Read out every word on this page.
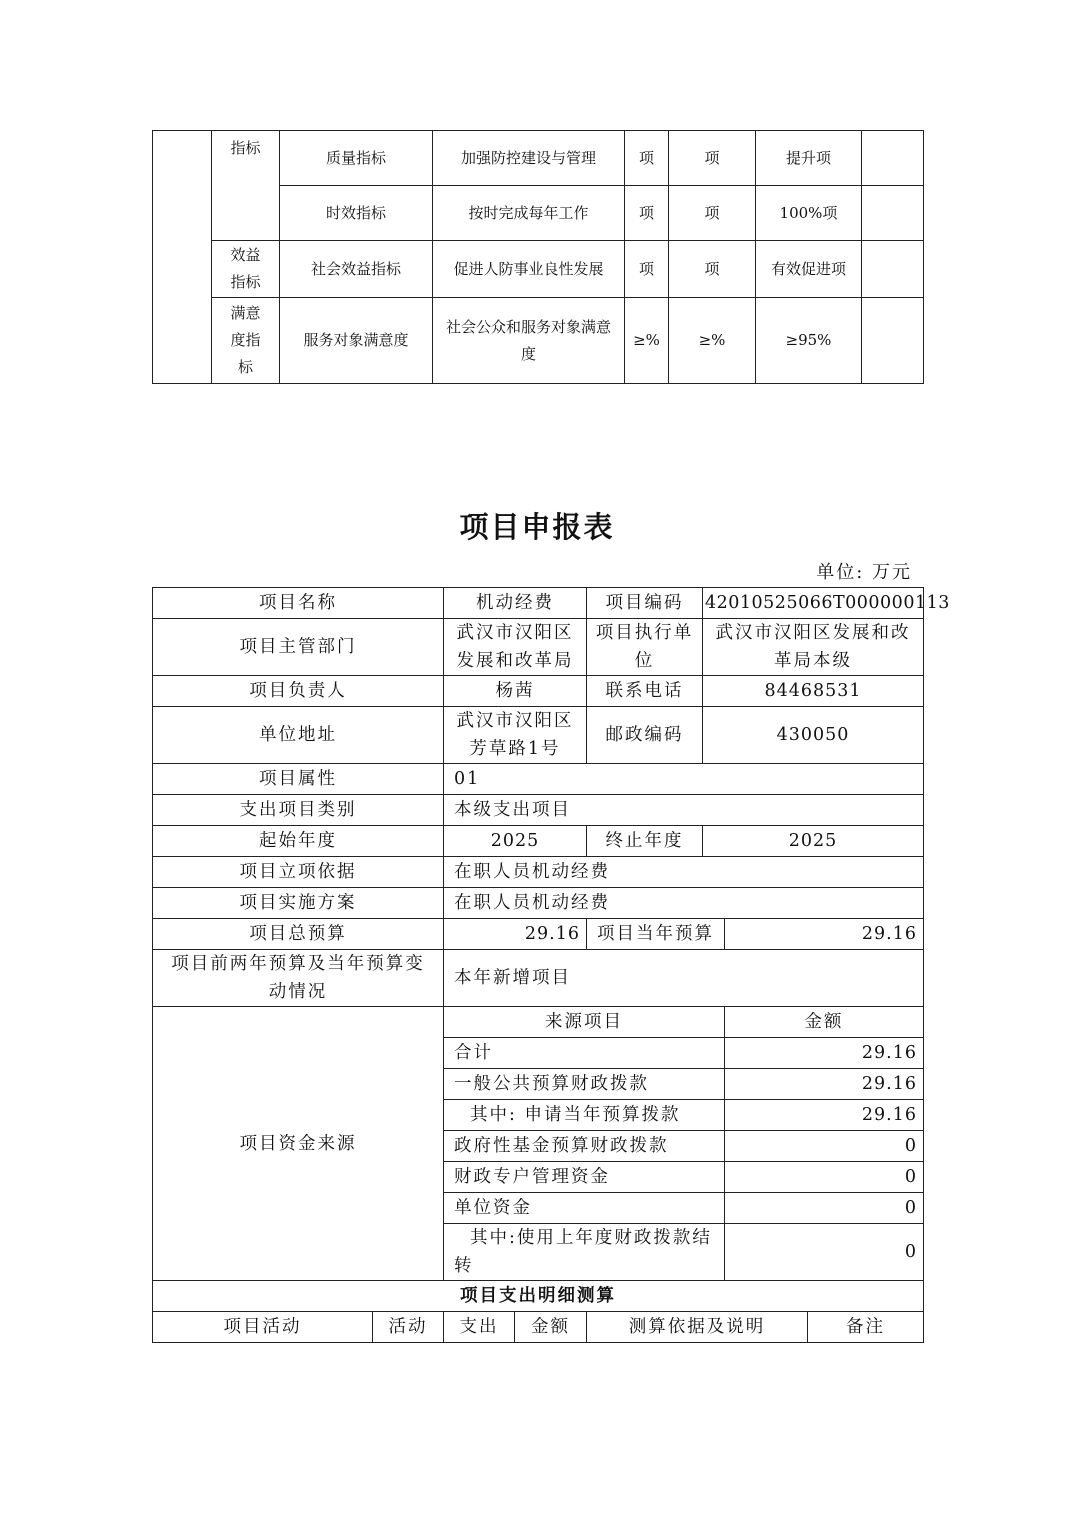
	指标	质量指标	加强防控建设与管理	项	项	提升项	
		时效指标	按时完成每年工作	项	项	100%项	
	效益指标	社会效益指标	促进人防事业良性发展	项	项	有效促进项	
	满意度指标	服务对象满意度	社会公众和服务对象满意度	≥%	≥%	≥95%	
项目申报表
单位: 万元
项目名称		机动经费		项目编码	42010525066T000000113		
项目主管部门		武汉市汉阳区发展和改革局		项目执行单位	武汉市汉阳区发展和改革局本级		
项目负责人		杨茜		联系电话	84468531		
单位地址		武汉市汉阳区芳草路1号		邮政编码	430050		
项目属性		01					
支出项目类别		本级支出项目					
起始年度		2025		终止年度	2025		
项目立项依据		在职人员机动经费					
项目实施方案		在职人员机动经费					
项目总预算		29.16		项目当年预算		29.16	
项目前两年预算及当年预算变动情况		本年新增项目					
项目资金来源		来源项目				金额	
		合计				29.16	
		一般公共预算财政拨款				29.16	
		其中: 申请当年预算拨款				29.16	
		政府性基金预算财政拨款				0	
		财政专户管理资金				0	
		单位资金				0	
		其中:使用上年度财政拨款结转				0	
项目支出明细测算							
项目活动	活动	支出	金额	测算依据及说明			备注
